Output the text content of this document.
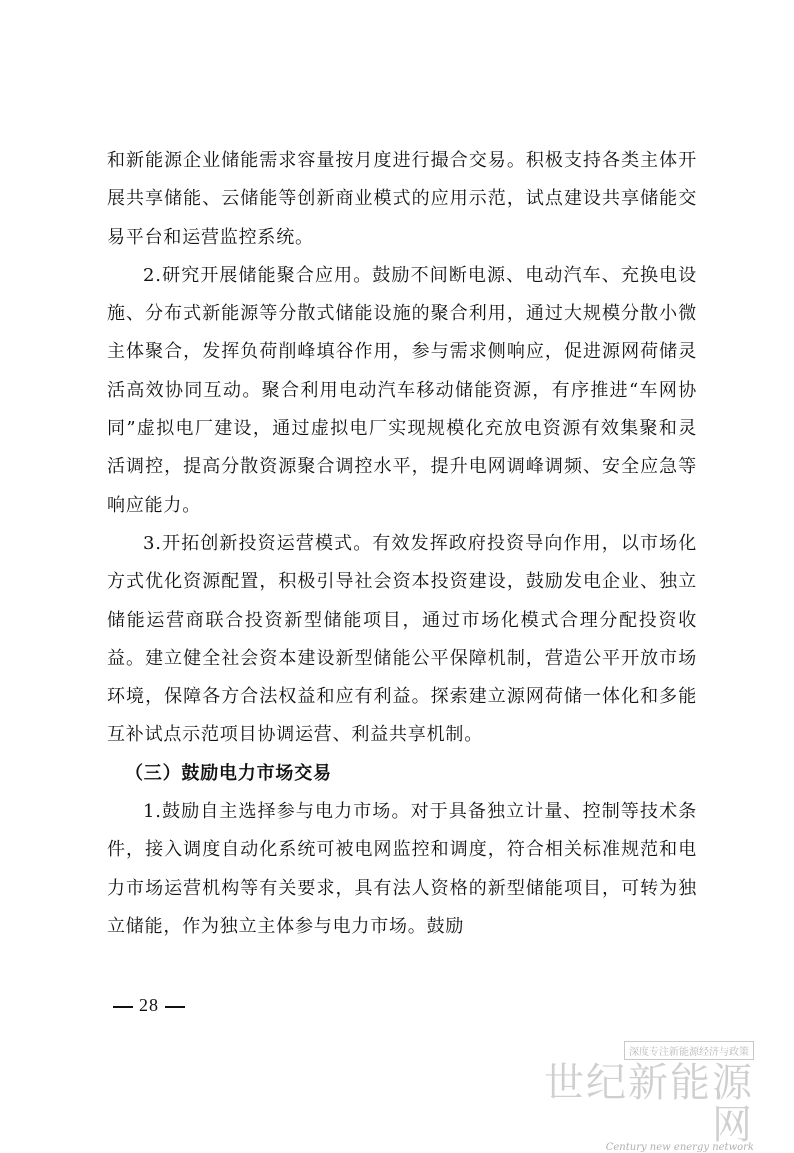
和新能源企业储能需求容量按月度进行撮合交易。积极支持各类主体开展共享储能、云储能等创新商业模式的应用示范，试点建设共享储能交易平台和运营监控系统。

2.研究开展储能聚合应用。鼓励不间断电源、电动汽车、充换电设施、分布式新能源等分散式储能设施的聚合利用，通过大规模分散小微主体聚合，发挥负荷削峰填谷作用，参与需求侧响应，促进源网荷储灵活高效协同互动。聚合利用电动汽车移动储能资源，有序推进“车网协同”虚拟电厂建设，通过虚拟电厂实现规模化充放电资源有效集聚和灵活调控，提高分散资源聚合调控水平，提升电网调峰调频、安全应急等响应能力。

3.开拓创新投资运营模式。有效发挥政府投资导向作用，以市场化方式优化资源配置，积极引导社会资本投资建设，鼓励发电企业、独立储能运营商联合投资新型储能项目，通过市场化模式合理分配投资收益。建立健全社会资本建设新型储能公平保障机制，营造公平开放市场环境，保障各方合法权益和应有利益。探索建立源网荷储一体化和多能互补试点示范项目协调运营、利益共享机制。

（三）鼓励电力市场交易

1.鼓励自主选择参与电力市场。对于具备独立计量、控制等技术条件，接入调度自动化系统可被电网监控和调度，符合相关标准规范和电力市场运营机构等有关要求，具有法人资格的新型储能项目，可转为独立储能，作为独立主体参与电力市场。鼓励

28
深度专注新能源经济与政策
世纪新能源网
Century new energy network
